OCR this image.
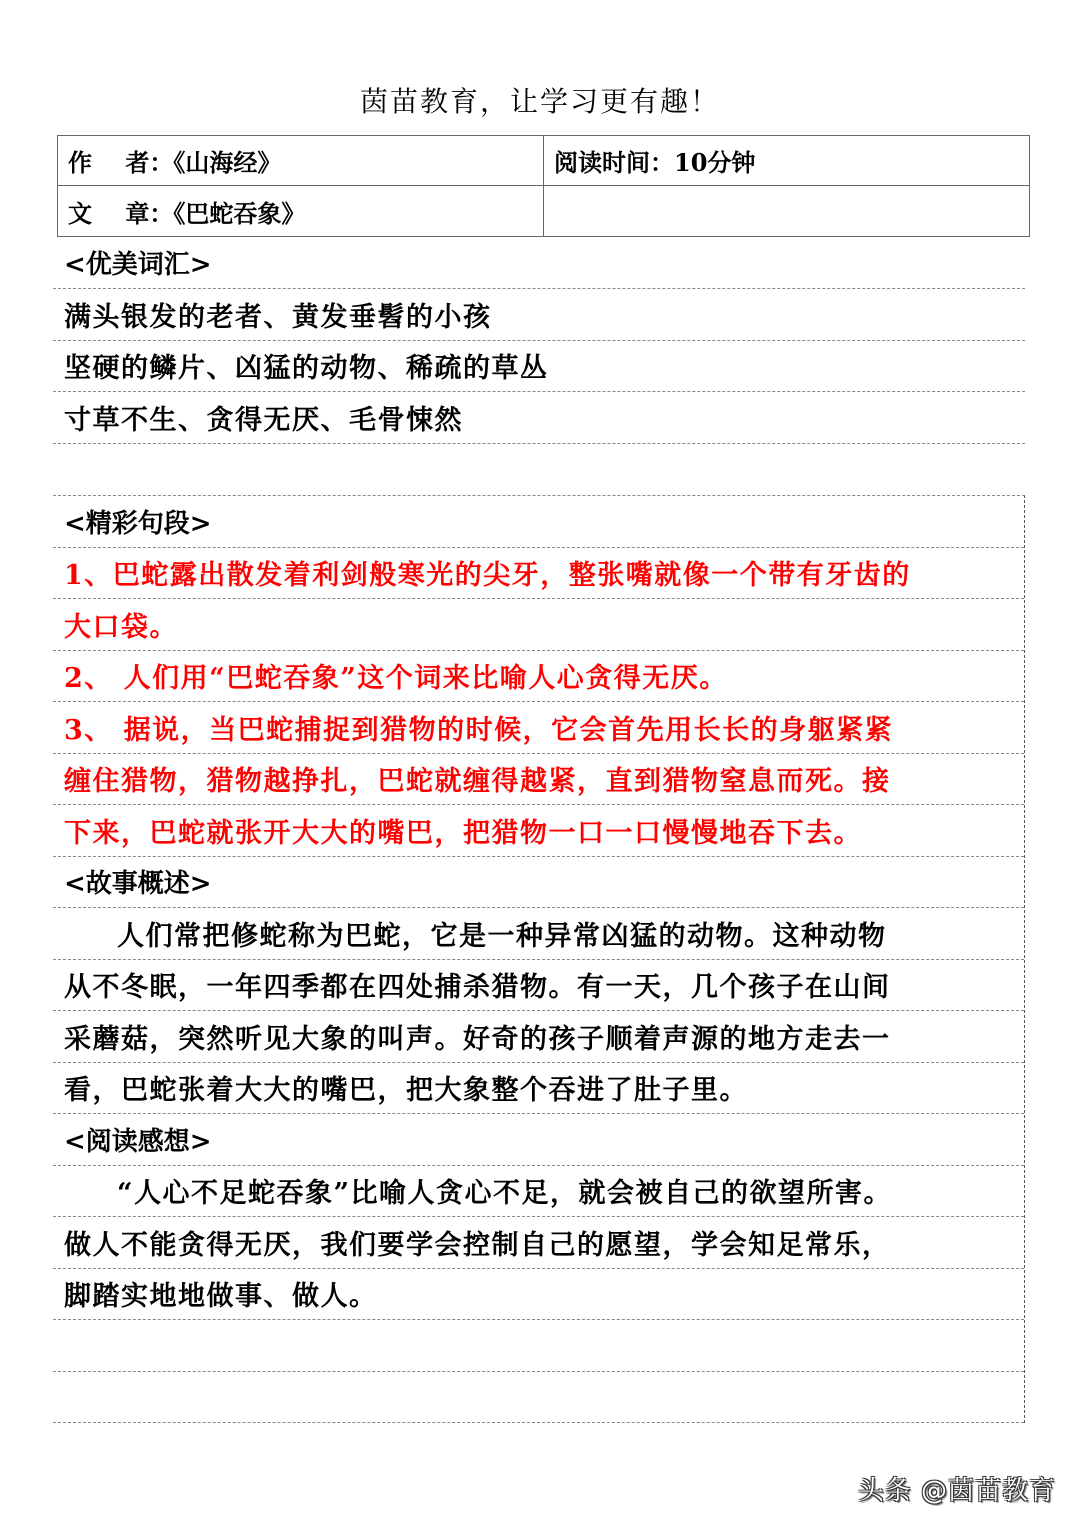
茵苗教育，让学习更有趣！
作    者：《山海经》	阅读时间：10分钟
文    章：《巴蛇吞象》
<优美词汇>
满头银发的老者、黄发垂髫的小孩
坚硬的鳞片、凶猛的动物、稀疏的草丛
寸草不生、贪得无厌、毛骨悚然
<精彩句段>
1、巴蛇露出散发着利剑般寒光的尖牙，整张嘴就像一个带有牙齿的
大口袋。
2、 人们用“巴蛇吞象”这个词来比喻人心贪得无厌。
3、 据说，当巴蛇捕捉到猎物的时候，它会首先用长长的身躯紧紧
缠住猎物，猎物越挣扎，巴蛇就缠得越紧，直到猎物窒息而死。接
下来，巴蛇就张开大大的嘴巴，把猎物一口一口慢慢地吞下去。
<故事概述>
人们常把修蛇称为巴蛇，它是一种异常凶猛的动物。这种动物
从不冬眠，一年四季都在四处捕杀猎物。有一天，几个孩子在山间
采蘑菇，突然听见大象的叫声。好奇的孩子顺着声源的地方走去一
看，巴蛇张着大大的嘴巴，把大象整个吞进了肚子里。
<阅读感想>
“人心不足蛇吞象”比喻人贪心不足，就会被自己的欲望所害。
做人不能贪得无厌，我们要学会控制自己的愿望，学会知足常乐，
脚踏实地地做事、做人。
头条 @茵苗教育
